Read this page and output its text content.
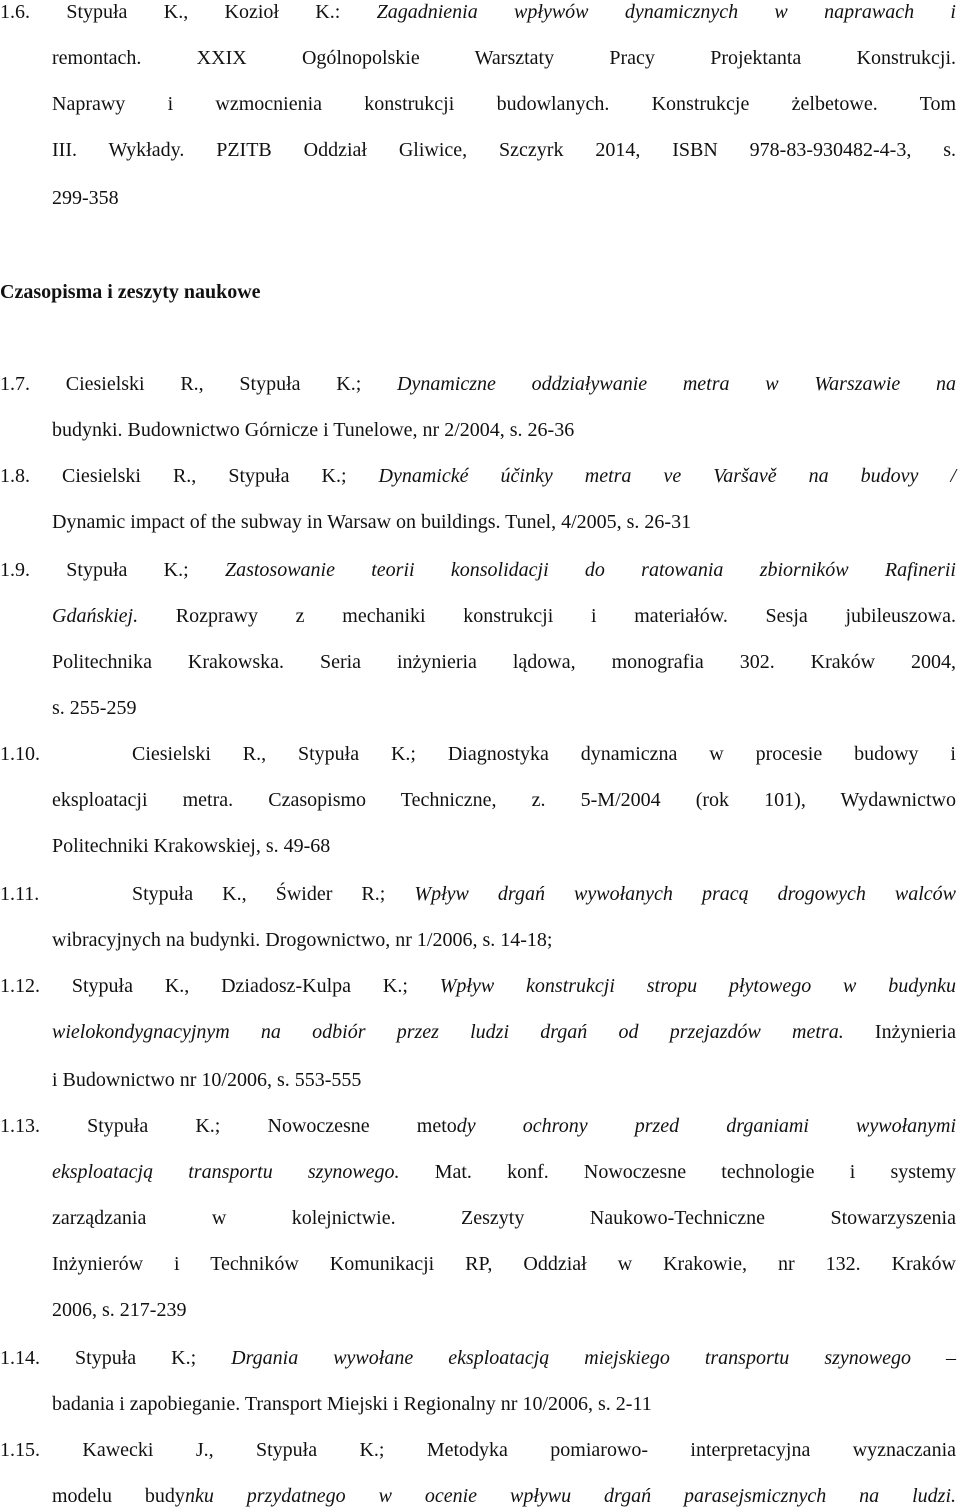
1.6. Stypuła K., Kozioł K.: Zagadnienia wpływów dynamicznych w naprawach i
remontach. XXIX Ogólnopolskie Warsztaty Pracy Projektanta Konstrukcji.
Naprawy i wzmocnienia konstrukcji budowlanych. Konstrukcje żelbetowe. Tom
III. Wykłady. PZITB Oddział Gliwice, Szczyrk 2014, ISBN 978-83-930482-4-3, s.
299-358
Czasopisma i zeszyty naukowe
1.7. Ciesielski R., Stypuła K.; Dynamiczne oddziaływanie metra w Warszawie na
budynki. Budownictwo Górnicze i Tunelowe, nr 2/2004, s. 26-36
1.8. Ciesielski R., Stypuła K.; Dynamické účinky metra ve Varšavě na budovy /
Dynamic impact of the subway in Warsaw on buildings. Tunel, 4/2005, s. 26-31
1.9. Stypuła K.; Zastosowanie teorii konsolidacji do ratowania zbiorników Rafinerii
Gdańskiej. Rozprawy z mechaniki konstrukcji i materiałów. Sesja jubileuszowa.
Politechnika Krakowska. Seria inżynieria lądowa, monografia 302. Kraków 2004,
s. 255-259
1.10.	Ciesielski R., Stypuła K.; Diagnostyka dynamiczna w procesie budowy i
eksploatacji metra. Czasopismo Techniczne, z. 5-M/2004 (rok 101), Wydawnictwo
Politechniki Krakowskiej, s. 49-68
1.11.	Stypuła K., Świder R.; Wpływ drgań wywołanych pracą drogowych walców
wibracyjnych na budynki. Drogownictwo, nr 1/2006, s. 14-18;
1.12. Stypuła K., Dziadosz-Kulpa K.; Wpływ konstrukcji stropu płytowego w budynku
wielokondygnacyjnym na odbiór przez ludzi drgań od przejazdów metra. Inżynieria
i Budownictwo nr 10/2006, s. 553-555
1.13. Stypuła K.; Nowoczesne metody ochrony przed drganiami wywołanymi
eksploatacją transportu szynowego. Mat. konf. Nowoczesne technologie i systemy
zarządzania w kolejnictwie. Zeszyty Naukowo-Techniczne Stowarzyszenia
Inżynierów i Techników Komunikacji RP, Oddział w Krakowie, nr 132. Kraków
2006, s. 217-239
1.14. Stypuła K.; Drgania wywołane eksploatacją miejskiego transportu szynowego –
badania i zapobieganie. Transport Miejski i Regionalny nr 10/2006, s. 2-11
1.15. Kawecki J., Stypuła K.; Metodyka pomiarowo- interpretacyjna wyznaczania
modelu budynku przydatnego w ocenie wpływu drgań parasejsmicznych na ludzi.
